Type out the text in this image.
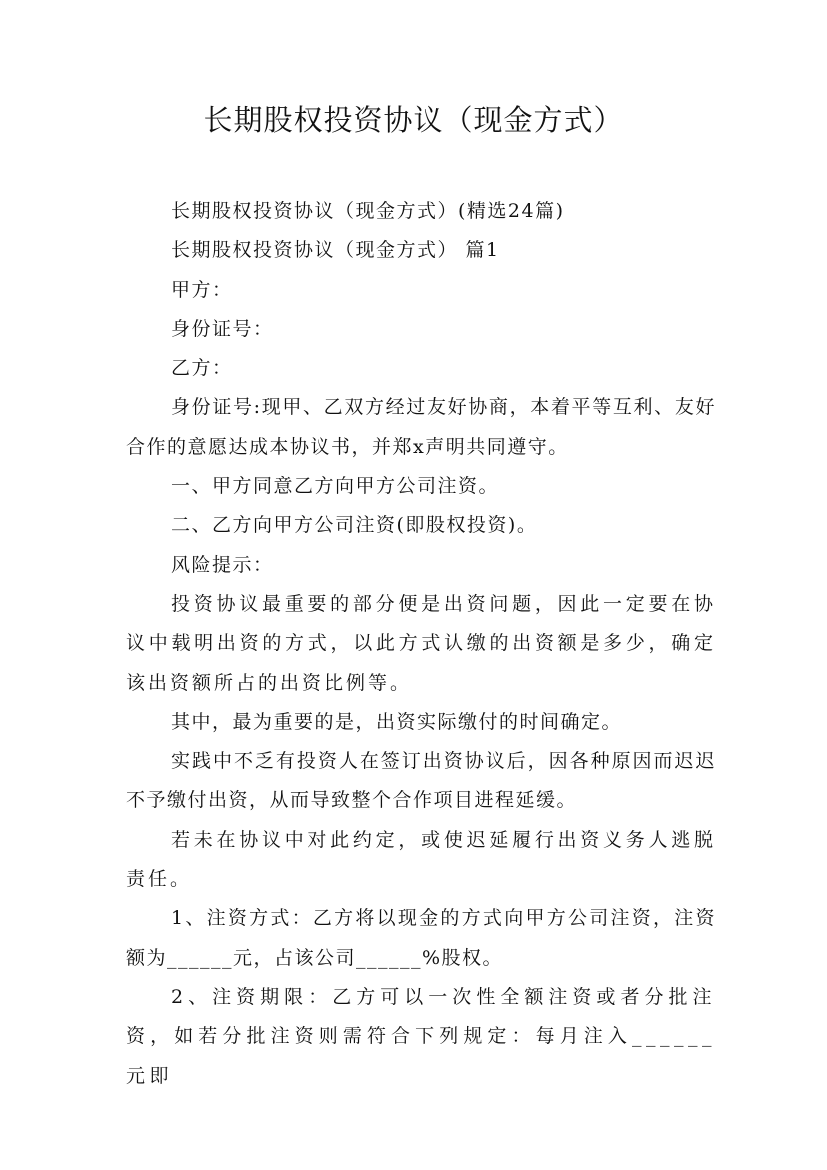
长期股权投资协议（现金方式）

长期股权投资协议（现金方式）(精选24篇)

长期股权投资协议（现金方式） 篇1

甲方：

身份证号：

乙方：

身份证号:现甲、乙双方经过友好协商，本着平等互利、友好合作的意愿达成本协议书，并郑x声明共同遵守。

一、甲方同意乙方向甲方公司注资。

二、乙方向甲方公司注资(即股权投资)。

风险提示：

投资协议最重要的部分便是出资问题，因此一定要在协议中载明出资的方式，以此方式认缴的出资额是多少，确定该出资额所占的出资比例等。

其中，最为重要的是，出资实际缴付的时间确定。

实践中不乏有投资人在签订出资协议后，因各种原因而迟迟不予缴付出资，从而导致整个合作项目进程延缓。

若未在协议中对此约定，或使迟延履行出资义务人逃脱责任。

1、注资方式：乙方将以现金的方式向甲方公司注资，注资额为______元，占该公司______%股权。

2、注资期限：乙方可以一次性全额注资或者分批注资，如若分批注资则需符合下列规定：每月注入______元即
